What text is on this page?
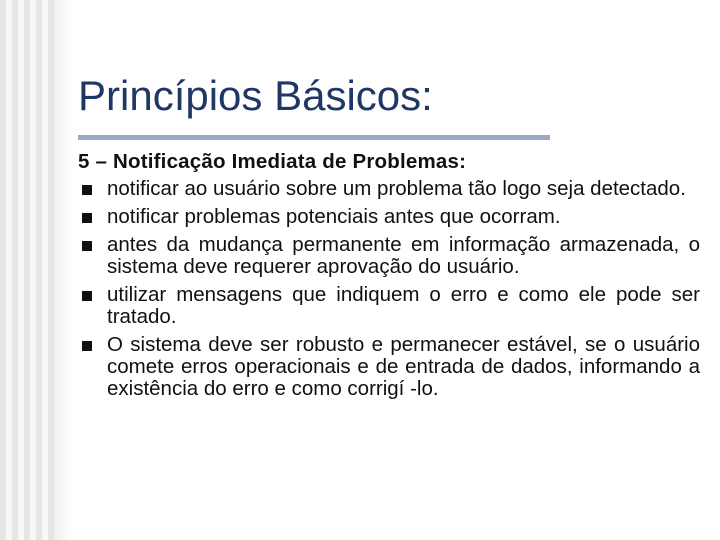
Princípios Básicos:
5 – Notificação Imediata de Problemas:
notificar ao usuário sobre um problema tão logo seja detectado.
notificar problemas potenciais antes que ocorram.
antes da mudança permanente em informação armazenada, o sistema deve requerer aprovação do usuário.
utilizar mensagens que indiquem o erro e como ele pode ser tratado.
O sistema deve ser robusto e permanecer estável, se o usuário comete erros operacionais e de entrada de dados, informando a existência do erro e como corrigí -lo.
